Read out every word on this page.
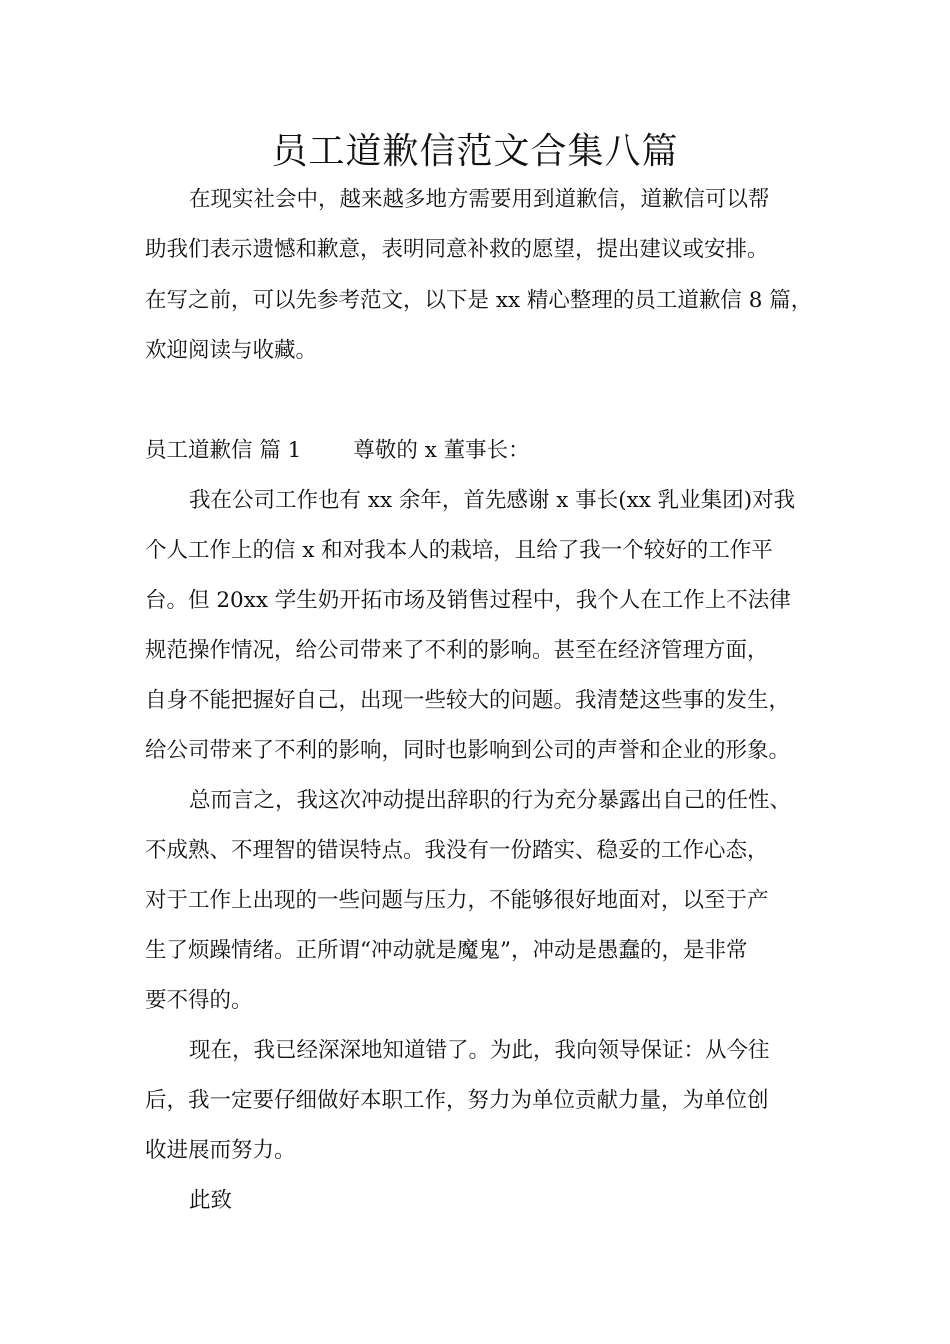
员工道歉信范文合集八篇
在现实社会中，越来越多地方需要用到道歉信，道歉信可以帮
助我们表示遗憾和歉意，表明同意补救的愿望，提出建议或安排。
在写之前，可以先参考范文，以下是 xx 精心整理的员工道歉信 8 篇，
欢迎阅读与收藏。
员工道歉信 篇 1 尊敬的 x 董事长：
我在公司工作也有 xx 余年，首先感谢 x 事长(xx 乳业集团)对我
个人工作上的信 x 和对我本人的栽培，且给了我一个较好的工作平
台。但 20xx 学生奶开拓市场及销售过程中，我个人在工作上不法律
规范操作情况，给公司带来了不利的影响。甚至在经济管理方面，
自身不能把握好自己，出现一些较大的问题。我清楚这些事的发生，
给公司带来了不利的影响，同时也影响到公司的声誉和企业的形象。
总而言之，我这次冲动提出辞职的行为充分暴露出自己的任性、
不成熟、不理智的错误特点。我没有一份踏实、稳妥的工作心态，
对于工作上出现的一些问题与压力，不能够很好地面对，以至于产
生了烦躁情绪。正所谓“冲动就是魔鬼”，冲动是愚蠢的，是非常
要不得的。
现在，我已经深深地知道错了。为此，我向领导保证：从今往
后，我一定要仔细做好本职工作，努力为单位贡献力量，为单位创
收进展而努力。
此致
